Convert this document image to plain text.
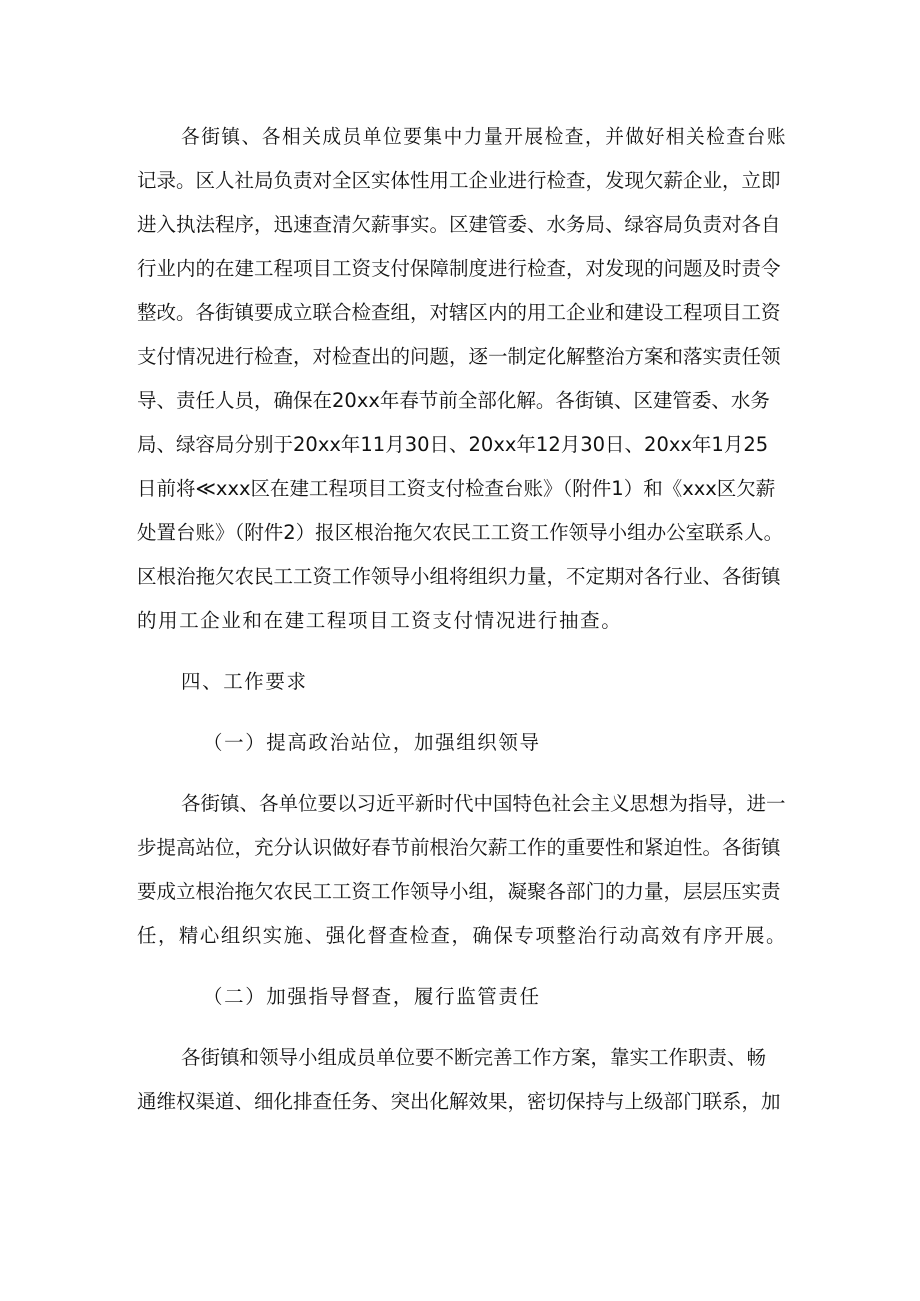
各街镇、各相关成员单位要集中力量开展检查，并做好相关检查台账
记录。区人社局负责对全区实体性用工企业进行检查，发现欠薪企业，立即
进入执法程序，迅速查清欠薪事实。区建管委、水务局、绿容局负责对各自
行业内的在建工程项目工资支付保障制度进行检查，对发现的问题及时责令
整改。各街镇要成立联合检查组，对辖区内的用工企业和建设工程项目工资
支付情况进行检查，对检查出的问题，逐一制定化解整治方案和落实责任领
导、责任人员，确保在20xx年春节前全部化解。各街镇、区建管委、水务
局、绿容局分别于20xx年11月30日、20xx年12月30日、20xx年1月25
日前将≪xxx区在建工程项目工资支付检查台账》（附件1）和《xxx区欠薪
处置台账》（附件2）报区根治拖欠农民工工资工作领导小组办公室联系人。
区根治拖欠农民工工资工作领导小组将组织力量，不定期对各行业、各街镇
的用工企业和在建工程项目工资支付情况进行抽查。
四、工作要求
（一）提高政治站位，加强组织领导
各街镇、各单位要以习近平新时代中国特色社会主义思想为指导，进一
步提高站位，充分认识做好春节前根治欠薪工作的重要性和紧迫性。各街镇
要成立根治拖欠农民工工资工作领导小组，凝聚各部门的力量，层层压实责
任，精心组织实施、强化督查检查，确保专项整治行动高效有序开展。
（二）加强指导督查，履行监管责任
各街镇和领导小组成员单位要不断完善工作方案，靠实工作职责、畅
通维权渠道、细化排查任务、突出化解效果，密切保持与上级部门联系，加
